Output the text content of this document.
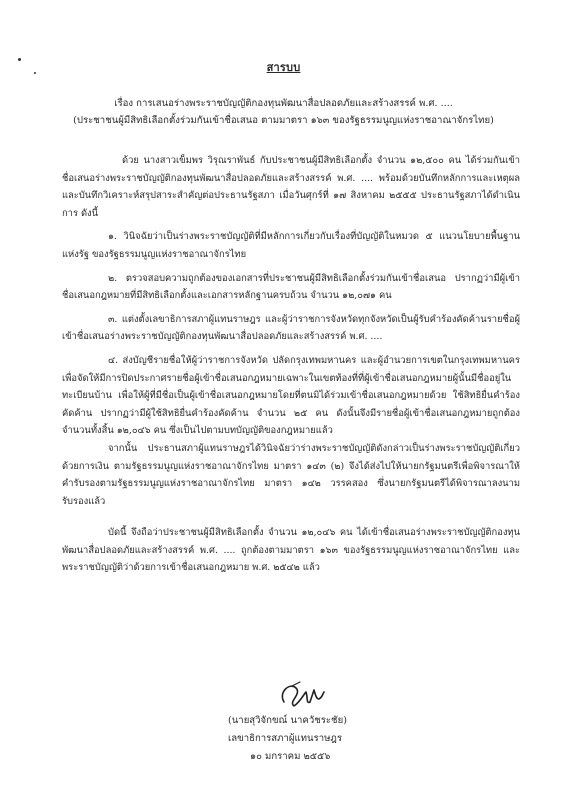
สารบบ
เรื่อง การเสนอร่างพระราชบัญญัติกองทุนพัฒนาสื่อปลอดภัยและสร้างสรรค์ พ.ศ. ....
(ประชาชนผู้มีสิทธิเลือกตั้งร่วมกันเข้าชื่อเสนอ ตามมาตรา ๑๖๓ ของรัฐธรรมนูญแห่งราชอาณาจักรไทย)

ด้วย นางสาวเข็มพร วิรุณราพันธ์ กับประชาชนผู้มีสิทธิเลือกตั้ง จำนวน ๑๒,๕๐๐ คน ได้ร่วมกันเข้าชื่อเสนอร่างพระราชบัญญัติกองทุนพัฒนาสื่อปลอดภัยและสร้างสรรค์ พ.ศ. .... พร้อมด้วยบันทึกหลักการและเหตุผล และบันทึกวิเคราะห์สรุปสาระสำคัญต่อประธานรัฐสภา เมื่อวันศุกร์ที่ ๑๗ สิงหาคม ๒๕๕๕ ประธานรัฐสภาได้ดำเนินการ ดังนี้

๑. วินิจฉัยว่าเป็นร่างพระราชบัญญัติที่มีหลักการเกี่ยวกับเรื่องที่บัญญัติในหมวด ๕ แนวนโยบายพื้นฐานแห่งรัฐ ของรัฐธรรมนูญแห่งราชอาณาจักรไทย

๒. ตรวจสอบความถูกต้องของเอกสารที่ประชาชนผู้มีสิทธิเลือกตั้งร่วมกันเข้าชื่อเสนอ ปรากฏว่ามีผู้เข้าชื่อเสนอกฎหมายที่มีสิทธิเลือกตั้งและเอกสารหลักฐานครบถ้วน จำนวน ๑๒,๐๗๑ คน

๓. แต่งตั้งเลขาธิการสภาผู้แทนราษฎร และผู้ว่าราชการจังหวัดทุกจังหวัดเป็นผู้รับคำร้องคัดค้านรายชื่อผู้เข้าชื่อเสนอร่างพระราชบัญญัติกองทุนพัฒนาสื่อปลอดภัยและสร้างสรรค์ พ.ศ. ....

๔. ส่งบัญชีรายชื่อให้ผู้ว่าราชการจังหวัด ปลัดกรุงเทพมหานคร และผู้อำนวยการเขตในกรุงเทพมหานคร เพื่อจัดให้มีการปิดประกาศรายชื่อผู้เข้าชื่อเสนอกฎหมายเฉพาะในเขตท้องที่ที่ผู้เข้าชื่อเสนอกฎหมายผู้นั้นมีชื่ออยู่ในทะเบียนบ้าน เพื่อให้ผู้ที่มีชื่อเป็นผู้เข้าชื่อเสนอกฎหมายโดยที่ตนมิได้ร่วมเข้าชื่อเสนอกฎหมายด้วย ใช้สิทธิยื่นคำร้องคัดค้าน ปรากฏว่ามีผู้ใช้สิทธิยื่นคำร้องคัดค้าน จำนวน ๒๕ คน ดังนั้นจึงมีรายชื่อผู้เข้าชื่อเสนอกฎหมายถูกต้อง จำนวนทั้งสิ้น ๑๒,๐๔๖ คน ซึ่งเป็นไปตามบทบัญญัติของกฎหมายแล้ว

จากนั้น ประธานสภาผู้แทนราษฎรได้วินิจฉัยว่าร่างพระราชบัญญัติดังกล่าวเป็นร่างพระราชบัญญัติเกี่ยวด้วยการเงิน ตามรัฐธรรมนูญแห่งราชอาณาจักรไทย มาตรา ๑๔๓ (๒) จึงได้ส่งไปให้นายกรัฐมนตรีเพื่อพิจารณาให้คำรับรองตามรัฐธรรมนูญแห่งราชอาณาจักรไทย มาตรา ๑๔๒ วรรคสอง ซึ่งนายกรัฐมนตรีได้พิจารณาลงนามรับรองแล้ว

บัดนี้ จึงถือว่าประชาชนผู้มีสิทธิเลือกตั้ง จำนวน ๑๒,๐๔๖ คน ได้เข้าชื่อเสนอร่างพระราชบัญญัติกองทุนพัฒนาสื่อปลอดภัยและสร้างสรรค์ พ.ศ. .... ถูกต้องตามมาตรา ๑๖๓ ของรัฐธรรมนูญแห่งราชอาณาจักรไทย และพระราชบัญญัติว่าด้วยการเข้าชื่อเสนอกฎหมาย พ.ศ. ๒๕๔๒ แล้ว

(นายสุวิจักขณ์ นาควัชระชัย)
เลขาธิการสภาผู้แทนราษฎร
๑๐ มกราคม ๒๕๕๖
